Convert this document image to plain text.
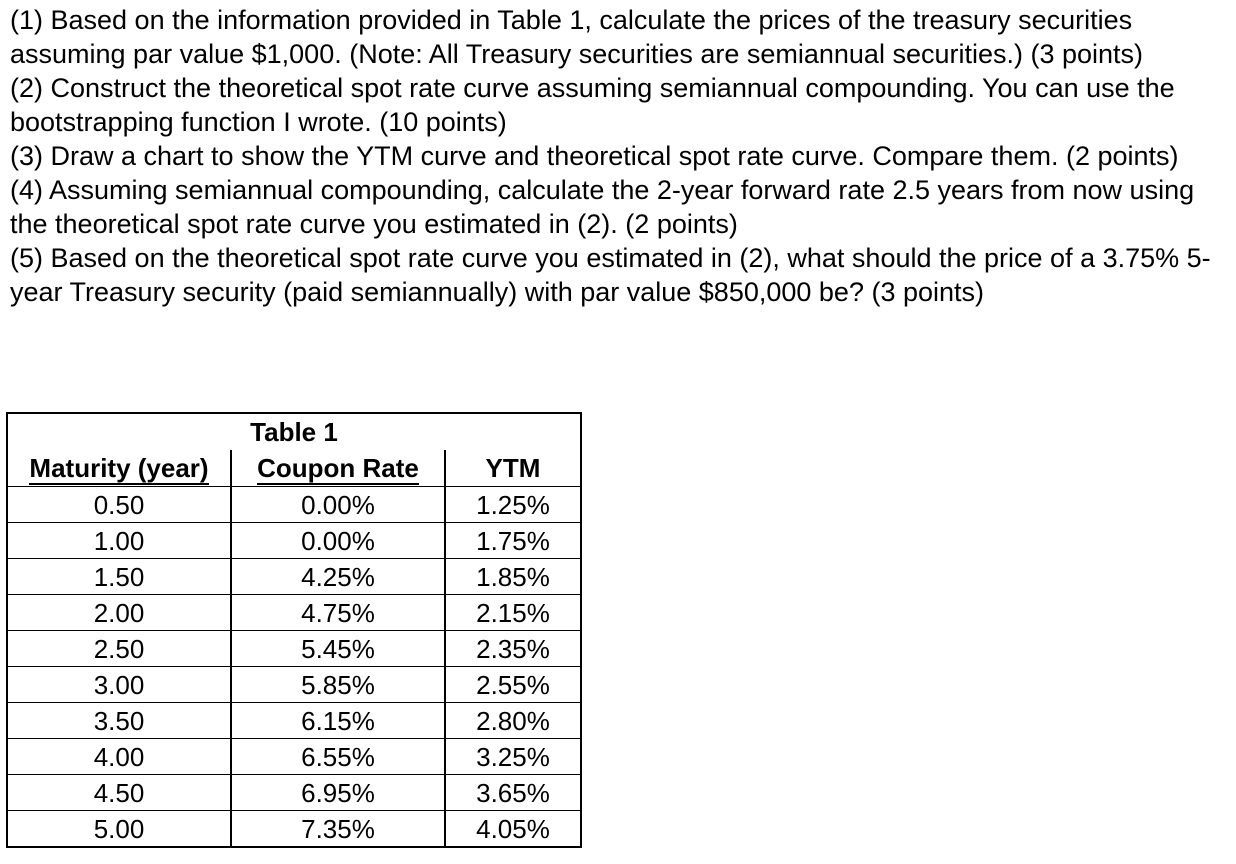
(1) Based on the information provided in Table 1, calculate the prices of the treasury securities assuming par value $1,000. (Note: All Treasury securities are semiannual securities.) (3 points)

(2) Construct the theoretical spot rate curve assuming semiannual compounding. You can use the bootstrapping function I wrote. (10 points)

(3) Draw a chart to show the YTM curve and theoretical spot rate curve. Compare them. (2 points)

(4) Assuming semiannual compounding, calculate the 2-year forward rate 2.5 years from now using the theoretical spot rate curve you estimated in (2). (2 points)

(5) Based on the theoretical spot rate curve you estimated in (2), what should the price of a 3.75% 5-year Treasury security (paid semiannually) with par value $850,000 be? (3 points)

Table 1		
Maturity (year)	Coupon Rate	YTM
0.50	0.00%	1.25%
1.00	0.00%	1.75%
1.50	4.25%	1.85%
2.00	4.75%	2.15%
2.50	5.45%	2.35%
3.00	5.85%	2.55%
3.50	6.15%	2.80%
4.00	6.55%	3.25%
4.50	6.95%	3.65%
5.00	7.35%	4.05%
